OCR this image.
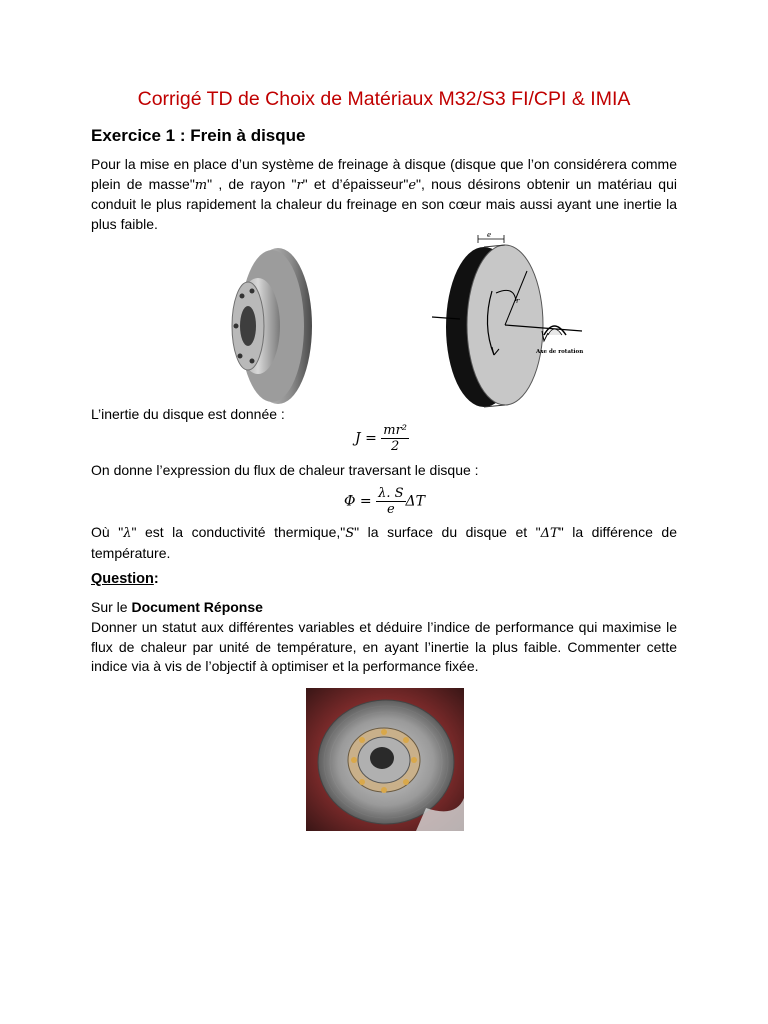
Corrigé TD de Choix de Matériaux M32/S3 FI/CPI & IMIA
Exercice 1 : Frein à disque
Pour la mise en place d’un système de freinage à disque (disque que l’on considérera comme plein de masse"m" , de rayon "r" et d’épaisseur"e", nous désirons obtenir un matériau qui conduit le plus rapidement la chaleur du freinage en son cœur mais aussi ayant une inertie la plus faible.
e
r
Axe de rotation
L’inertie du disque est donnée :
$J = \frac{\text{mr²}}{2}$
On donne l’expression du flux de chaleur traversant le disque :
$\Phi = \frac{\lambda. S}{e}$ ΔT
Où "λ" est la conductivité thermique,"S" la surface du disque et "ΔT" la différence de température.
Question:
Sur le Document Réponse
Donner un statut aux différentes variables et déduire l’indice de performance qui maximise le flux de chaleur par unité de température, en ayant l’inertie la plus faible. Commenter cette indice via à vis de l’objectif à optimiser et la performance fixée.
